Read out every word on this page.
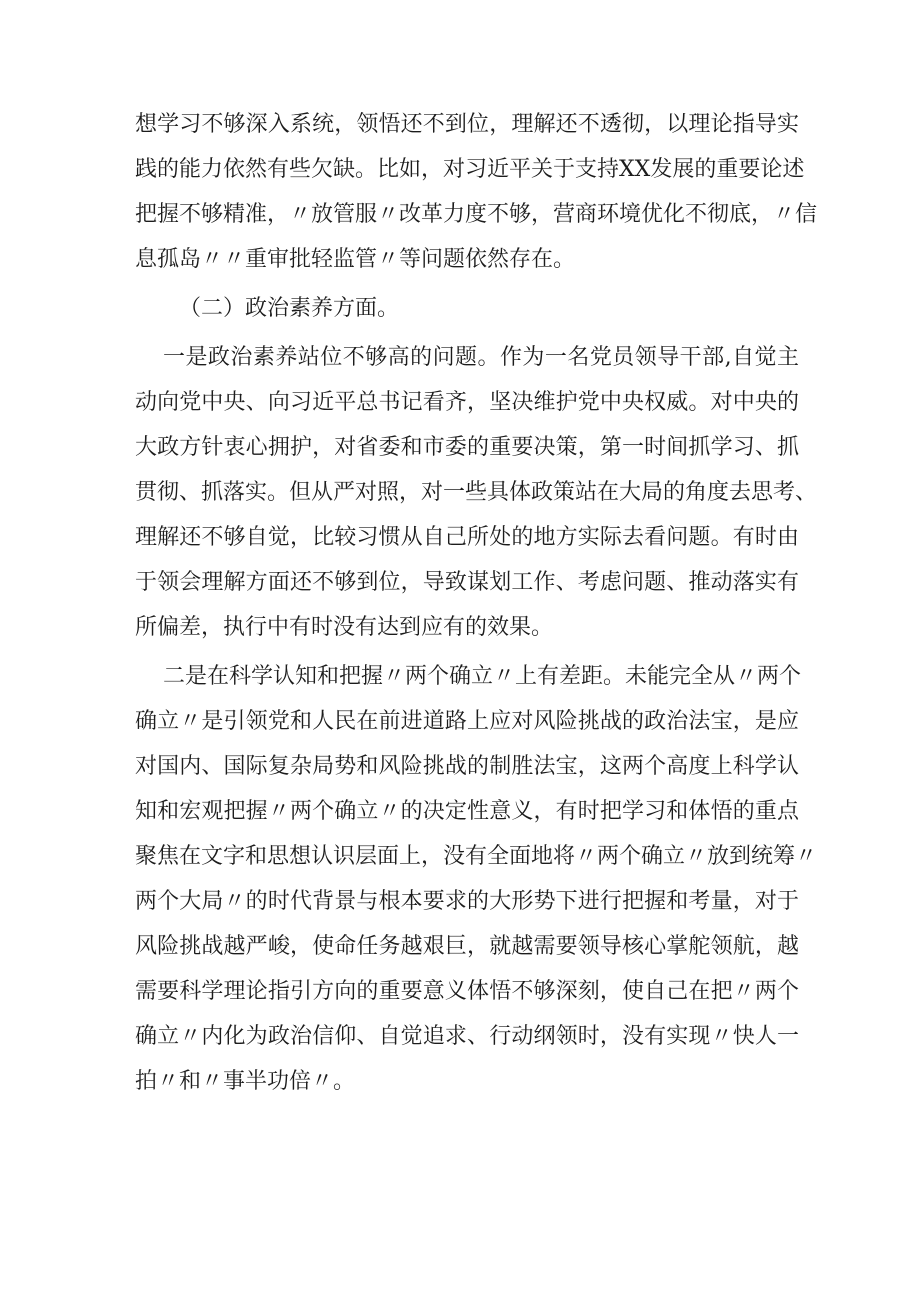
想学习不够深入系统，领悟还不到位，理解还不透彻，以理论指导实
践的能力依然有些欠缺。比如，对习近平关于支持XX发展的重要论述
把握不够精准，〃放管服〃改革力度不够，营商环境优化不彻底，〃信
息孤岛〃〃重审批轻监管〃等问题依然存在。
（二）政治素养方面。
一是政治素养站位不够高的问题。作为一名党员领导干部,自觉主
动向党中央、向习近平总书记看齐，坚决维护党中央权威。对中央的
大政方针衷心拥护，对省委和市委的重要决策，第一时间抓学习、抓
贯彻、抓落实。但从严对照，对一些具体政策站在大局的角度去思考、
理解还不够自觉，比较习惯从自己所处的地方实际去看问题。有时由
于领会理解方面还不够到位，导致谋划工作、考虑问题、推动落实有
所偏差，执行中有时没有达到应有的效果。
二是在科学认知和把握〃两个确立〃上有差距。未能完全从〃两个
确立〃是引领党和人民在前进道路上应对风险挑战的政治法宝，是应
对国内、国际复杂局势和风险挑战的制胜法宝，这两个高度上科学认
知和宏观把握〃两个确立〃的决定性意义，有时把学习和体悟的重点
聚焦在文字和思想认识层面上，没有全面地将〃两个确立〃放到统筹〃
两个大局〃的时代背景与根本要求的大形势下进行把握和考量，对于
风险挑战越严峻，使命任务越艰巨，就越需要领导核心掌舵领航，越
需要科学理论指引方向的重要意义体悟不够深刻，使自己在把〃两个
确立〃内化为政治信仰、自觉追求、行动纲领时，没有实现〃快人一
拍〃和〃事半功倍〃。
